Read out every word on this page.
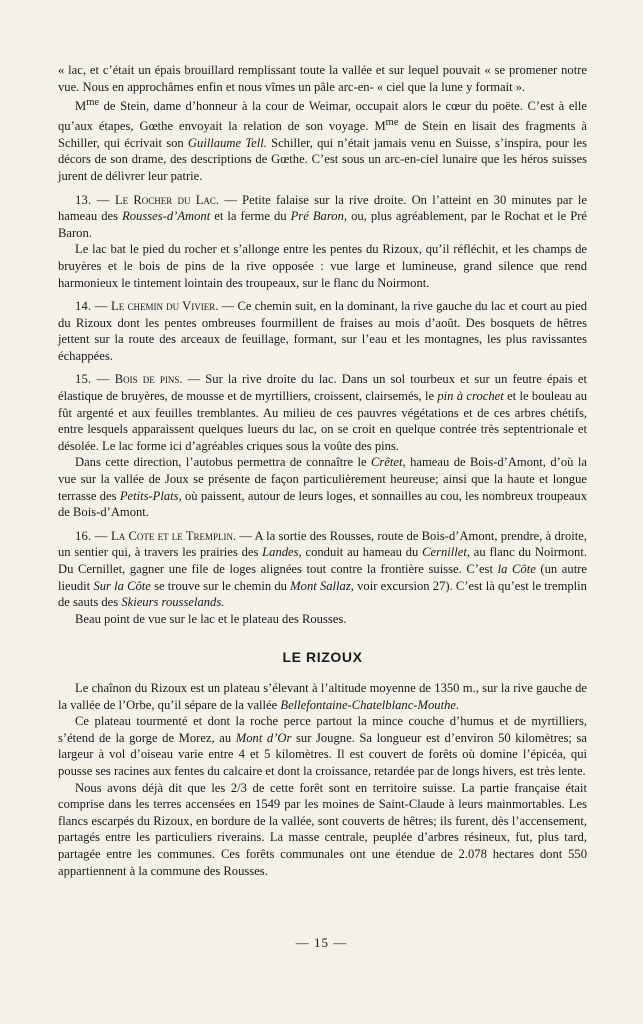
« lac, et c’était un épais brouillard remplissant toute la vallée et sur lequel pouvait « se promener notre vue. Nous en approchâmes enfin et nous vîmes un pâle arc-en- « ciel que la lune y formait ».

$M^{me}$ de Stein, dame d’honneur à la cour de Weimar, occupait alors le cœur du poëte. C’est à elle qu’aux étapes, Gœthe envoyait la relation de son voyage. $M^{me}$ de Stein en lisait des fragments à Schiller, qui écrivait son Guillaume Tell. Schiller, qui n’était jamais venu en Suisse, s’inspira, pour les décors de son drame, des descriptions de Gœthe. C’est sous un arc-en-ciel lunaire que les héros suisses jurent de délivrer leur patrie.

13. — Le Rocher du Lac. — Petite falaise sur la rive droite. On l’atteint en 30 minutes par le hameau des Rousses-d’Amont et la ferme du Pré Baron, ou, plus agréablement, par le Rochat et le Pré Baron.

Le lac bat le pied du rocher et s’allonge entre les pentes du Rizoux, qu’il réfléchit, et les champs de bruyères et le bois de pins de la rive opposée : vue large et lumineuse, grand silence que rend harmonieux le tintement lointain des troupeaux, sur le flanc du Noirmont.

14. — Le chemin du Vivier. — Ce chemin suit, en la dominant, la rive gauche du lac et court au pied du Rizoux dont les pentes ombreuses fourmillent de fraises au mois d’août. Des bosquets de hêtres jettent sur la route des arceaux de feuillage, formant, sur l’eau et les montagnes, les plus ravissantes échappées.

15. — Bois de pins. — Sur la rive droite du lac. Dans un sol tourbeux et sur un feutre épais et élastique de bruyères, de mousse et de myrtilliers, croissent, clairsemés, le pin à crochet et le bouleau au fût argenté et aux feuilles tremblantes. Au milieu de ces pauvres végétations et de ces arbres chétifs, entre lesquels apparaissent quelques lueurs du lac, on se croit en quelque contrée très septentrionale et désolée. Le lac forme ici d’agréables criques sous la voûte des pins.

Dans cette direction, l’autobus permettra de connaître le Crêtet, hameau de Bois-d’Amont, d’où la vue sur la vallée de Joux se présente de façon particulièrement heureuse; ainsi que la haute et longue terrasse des Petits-Plats, où paissent, autour de leurs loges, et sonnailles au cou, les nombreux troupeaux de Bois-d’Amont.

16. — La Cote et le Tremplin. — A la sortie des Rousses, route de Bois-d’Amont, prendre, à droite, un sentier qui, à travers les prairies des Landes, conduit au hameau du Cernillet, au flanc du Noirmont. Du Cernillet, gagner une file de loges alignées tout contre la frontière suisse. C’est la Côte (un autre lieudit Sur la Côte se trouve sur le chemin du Mont Sallaz, voir excursion 27). C’est là qu’est le tremplin de sauts des Skieurs rousselands.

Beau point de vue sur le lac et le plateau des Rousses.

LE RIZOUX

Le chaînon du Rizoux est un plateau s’élevant à l’altitude moyenne de 1350 m., sur la rive gauche de la vallée de l’Orbe, qu’il sépare de la vallée Bellefontaine-Chatelblanc-Mouthe.

Ce plateau tourmenté et dont la roche perce partout la mince couche d’humus et de myrtilliers, s’étend de la gorge de Morez, au Mont d’Or sur Jougne. Sa longueur est d’environ 50 kilomètres; sa largeur à vol d’oiseau varie entre 4 et 5 kilomètres. Il est couvert de forêts où domine l’épicéa, qui pousse ses racines aux fentes du calcaire et dont la croissance, retardée par de longs hivers, est très lente.

Nous avons déjà dit que les 2/3 de cette forêt sont en territoire suisse. La partie française était comprise dans les terres accensées en 1549 par les moines de Saint-Claude à leurs mainmortables. Les flancs escarpés du Rizoux, en bordure de la vallée, sont couverts de hêtres; ils furent, dès l’accensement, partagés entre les particuliers riverains. La masse centrale, peuplée d’arbres résineux, fut, plus tard, partagée entre les communes. Ces forêts communales ont une étendue de 2.078 hectares dont 550 appartiennent à la commune des Rousses.

— 15 —
